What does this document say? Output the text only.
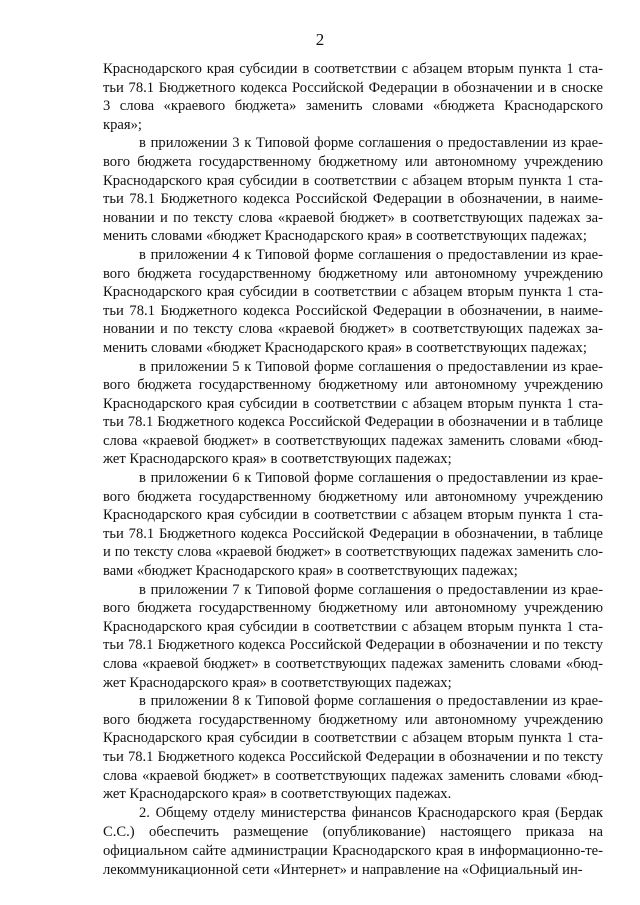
2

Краснодарского края субсидии в соответствии с абзацем вторым пункта 1 статьи 78.1 Бюджетного кодекса Российской Федерации в обозначении и в сноске 3 слова «краевого бюджета» заменить словами «бюджета Краснодарского края»;

в приложении 3 к Типовой форме соглашения о предоставлении из краевого бюджета государственному бюджетному или автономному учреждению Краснодарского края субсидии в соответствии с абзацем вторым пункта 1 статьи 78.1 Бюджетного кодекса Российской Федерации в обозначении, в наименовании и по тексту слова «краевой бюджет» в соответствующих падежах заменить словами «бюджет Краснодарского края» в соответствующих падежах;

в приложении 4 к Типовой форме соглашения о предоставлении из краевого бюджета государственному бюджетному или автономному учреждению Краснодарского края субсидии в соответствии с абзацем вторым пункта 1 статьи 78.1 Бюджетного кодекса Российской Федерации в обозначении, в наименовании и по тексту слова «краевой бюджет» в соответствующих падежах заменить словами «бюджет Краснодарского края» в соответствующих падежах;

в приложении 5 к Типовой форме соглашения о предоставлении из краевого бюджета государственному бюджетному или автономному учреждению Краснодарского края субсидии в соответствии с абзацем вторым пункта 1 статьи 78.1 Бюджетного кодекса Российской Федерации в обозначении и в таблице слова «краевой бюджет» в соответствующих падежах заменить словами «бюджет Краснодарского края» в соответствующих падежах;

в приложении 6 к Типовой форме соглашения о предоставлении из краевого бюджета государственному бюджетному или автономному учреждению Краснодарского края субсидии в соответствии с абзацем вторым пункта 1 статьи 78.1 Бюджетного кодекса Российской Федерации в обозначении, в таблице и по тексту слова «краевой бюджет» в соответствующих падежах заменить словами «бюджет Краснодарского края» в соответствующих падежах;

в приложении 7 к Типовой форме соглашения о предоставлении из краевого бюджета государственному бюджетному или автономному учреждению Краснодарского края субсидии в соответствии с абзацем вторым пункта 1 статьи 78.1 Бюджетного кодекса Российской Федерации в обозначении и по тексту слова «краевой бюджет» в соответствующих падежах заменить словами «бюджет Краснодарского края» в соответствующих падежах;

в приложении 8 к Типовой форме соглашения о предоставлении из краевого бюджета государственному бюджетному или автономному учреждению Краснодарского края субсидии в соответствии с абзацем вторым пункта 1 статьи 78.1 Бюджетного кодекса Российской Федерации в обозначении и по тексту слова «краевой бюджет» в соответствующих падежах заменить словами «бюджет Краснодарского края» в соответствующих падежах.

2. Общему отделу министерства финансов Краснодарского края (Бердак С.С.) обеспечить размещение (опубликование) настоящего приказа на официальном сайте администрации Краснодарского края в информационно-телекоммуникационной сети «Интернет» и направление на «Официальный ин-
